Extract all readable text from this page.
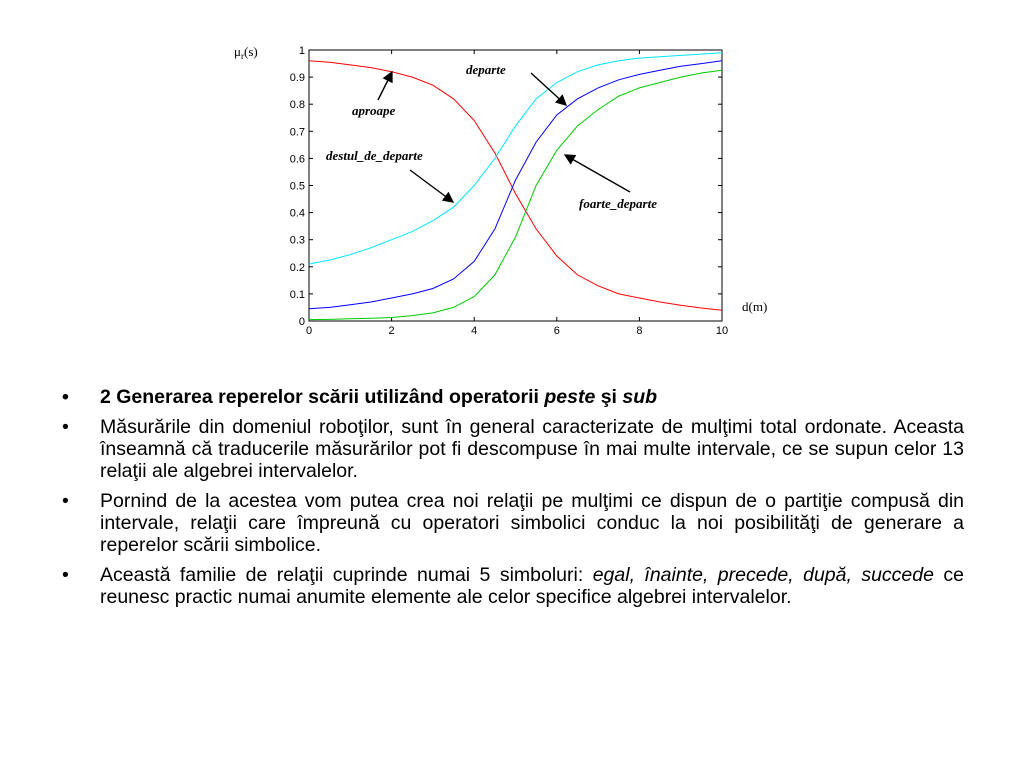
0	2	4	6	8	10
0
0.1
0.2
0.3
0.4
0.5
0.6
0.7
0.8
0.9
1
$\mu_r(s)$
d(m)
departe
aproape
destul_de_departe
foarte_departe
• 2 Generarea reperelor scării utilizând operatorii peste şi sub
• Măsurările din domeniul roboţilor, sunt în general caracterizate de mulţimi total ordonate. Aceasta înseamnă că traducerile măsurărilor pot fi descompuse în mai multe intervale, ce se supun celor 13 relaţii ale algebrei intervalelor.
• Pornind de la acestea vom putea crea noi relaţii pe mulţimi ce dispun de o partiţie compusă din intervale, relaţii care împreună cu operatori simbolici conduc la noi posibilităţi de generare a reperelor scării simbolice.
• Această familie de relaţii cuprinde numai 5 simboluri: egal, înainte, precede, după, succede ce reunesc practic numai anumite elemente ale celor specifice algebrei intervalelor.
